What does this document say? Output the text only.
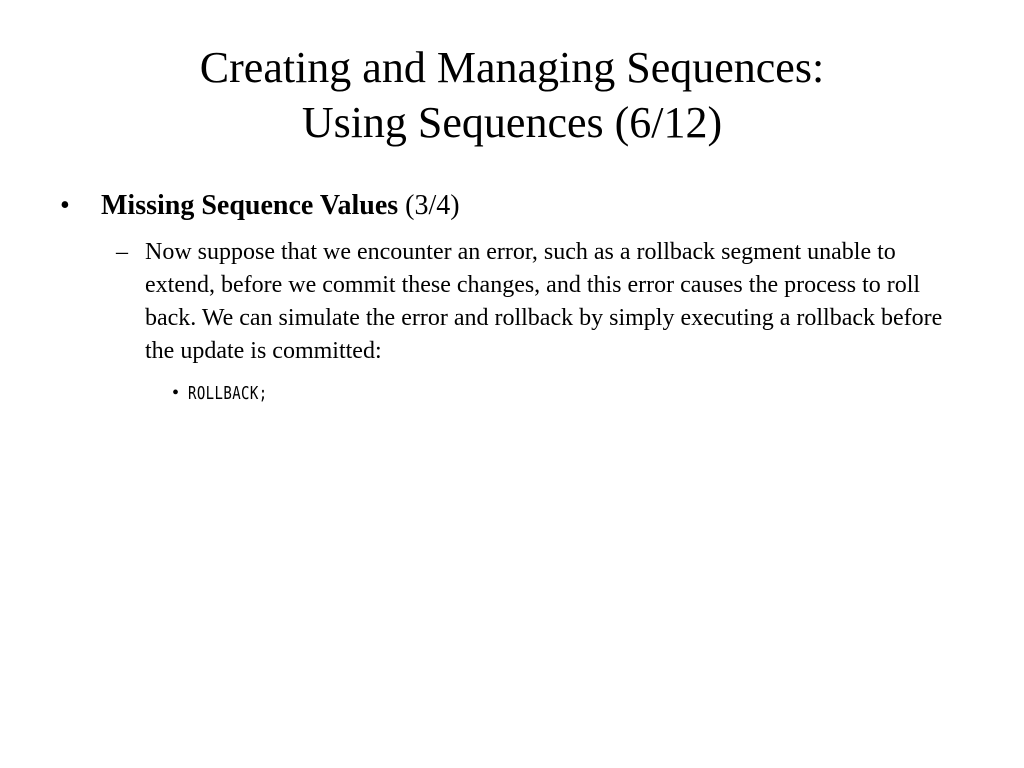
Creating and Managing Sequences:
Using Sequences (6/12)
•	Missing Sequence Values (3/4)
– Now suppose that we encounter an error, such as a rollback segment unable to extend, before we commit these changes, and this error causes the process to roll back. We can simulate the error and rollback by simply executing a rollback before the update is committed:
• ROLLBACK;
